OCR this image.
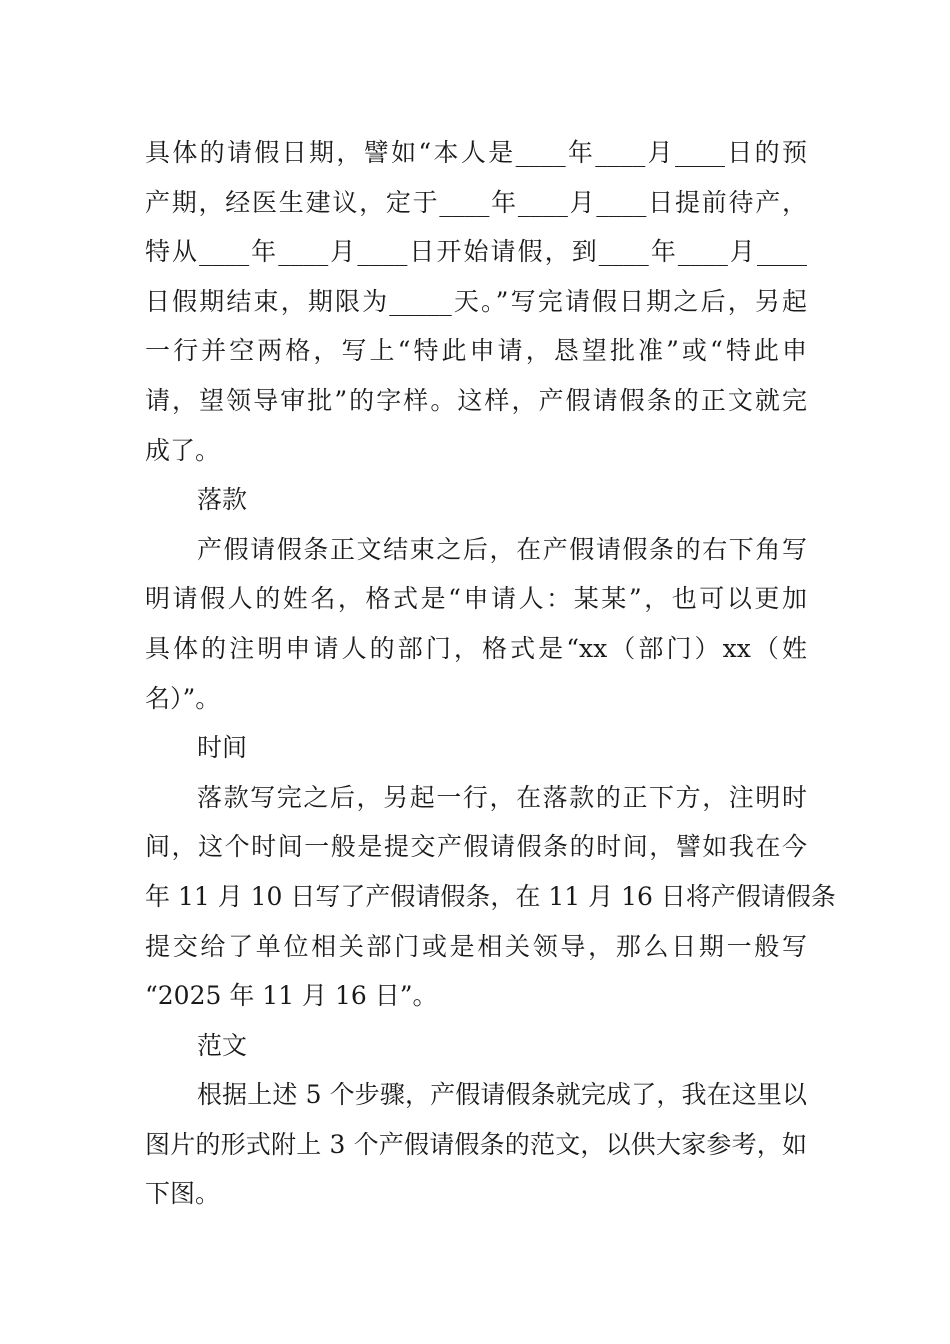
具体的请假日期，譬如“本人是____年____月____日的预
产期，经医生建议，定于____年____月____日提前待产，
特从____年____月____日开始请假，到____年____月____
日假期结束，期限为_____天。”写完请假日期之后，另起
一行并空两格，写上“特此申请，恳望批准”或“特此申
请，望领导审批”的字样。这样，产假请假条的正文就完
成了。
落款
产假请假条正文结束之后，在产假请假条的右下角写
明请假人的姓名，格式是“申请人：某某”，也可以更加
具体的注明申请人的部门，格式是“xx（部门）xx（姓
名）”。
时间
落款写完之后，另起一行，在落款的正下方，注明时
间，这个时间一般是提交产假请假条的时间，譬如我在今
年 11 月 10 日写了产假请假条，在 11 月 16 日将产假请假条
提交给了单位相关部门或是相关领导，那么日期一般写
“2025 年 11 月 16 日”。
范文
根据上述 5 个步骤，产假请假条就完成了，我在这里以
图片的形式附上 3 个产假请假条的范文，以供大家参考，如
下图。
